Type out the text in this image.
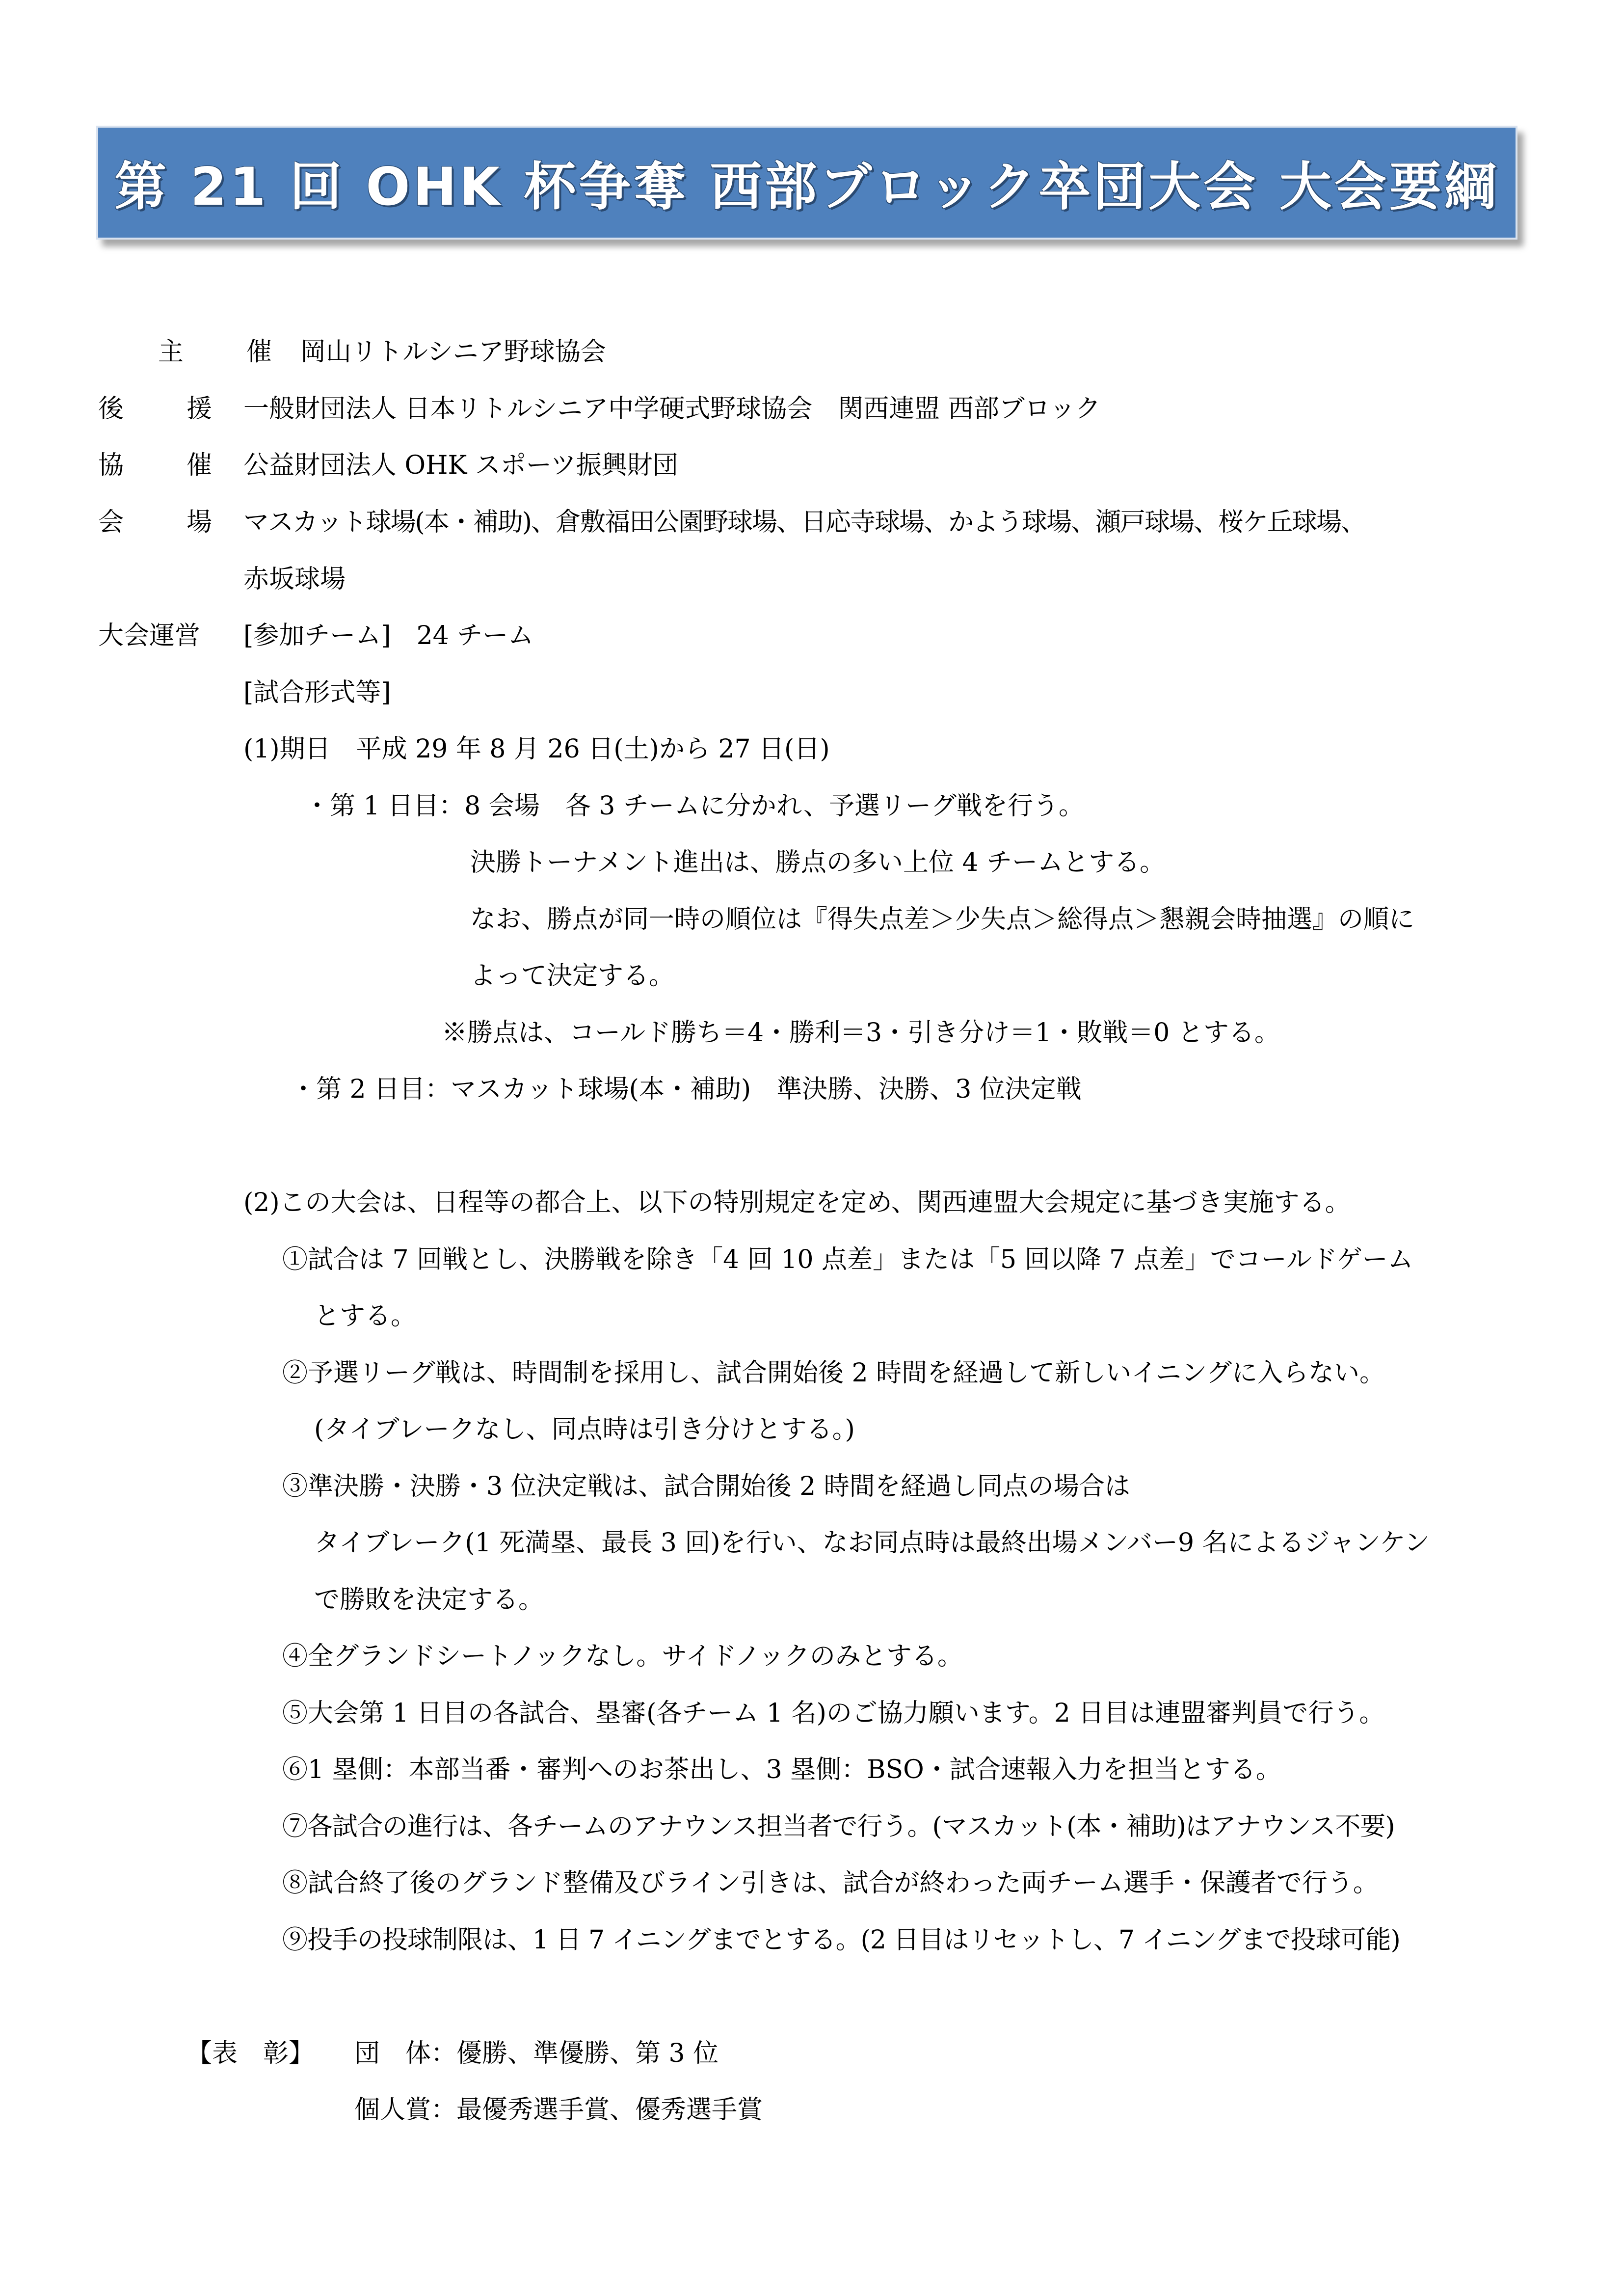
第 21 回 OHK 杯争奪 西部ブロック卒団大会 大会要綱
主 催 岡山リトルシニア野球協会
後 援 一般財団法人 日本リトルシニア中学硬式野球協会　関西連盟 西部ブロック
協 催 公益財団法人 OHK スポーツ振興財団
会 場 マスカット球場(本・補助)、倉敷福田公園野球場、日応寺球場、かよう球場、瀬戸球場、桜ケ丘球場、
赤坂球場
大会運営 [参加チーム]　24 チーム
[試合形式等]
(1)期日　平成 29 年 8 月 26 日(土)から 27 日(日)
・第 1 日目：8 会場　各 3 チームに分かれ、予選リーグ戦を行う。
決勝トーナメント進出は、勝点の多い上位 4 チームとする。
なお、勝点が同一時の順位は『得失点差＞少失点＞総得点＞懇親会時抽選』の順に
よって決定する。
※勝点は、コールド勝ち＝4・勝利＝3・引き分け＝1・敗戦＝0 とする。
・第 2 日目：マスカット球場(本・補助)　準決勝、決勝、3 位決定戦
(2)この大会は、日程等の都合上、以下の特別規定を定め、関西連盟大会規定に基づき実施する。
①試合は 7 回戦とし、決勝戦を除き「4 回 10 点差」または「5 回以降 7 点差」でコールドゲーム
とする。
②予選リーグ戦は、時間制を採用し、試合開始後 2 時間を経過して新しいイニングに入らない。
(タイブレークなし、同点時は引き分けとする。)
③準決勝・決勝・3 位決定戦は、試合開始後 2 時間を経過し同点の場合は
タイブレーク(1 死満塁、最長 3 回)を行い、なお同点時は最終出場メンバー9 名によるジャンケン
で勝敗を決定する。
④全グランドシートノックなし。サイドノックのみとする。
⑤大会第 1 日目の各試合、塁審(各チーム 1 名)のご協力願います。2 日目は連盟審判員で行う。
⑥1 塁側：本部当番・審判へのお茶出し、3 塁側：BSO・試合速報入力を担当とする。
⑦各試合の進行は、各チームのアナウンス担当者で行う。(マスカット(本・補助)はアナウンス不要)
⑧試合終了後のグランド整備及びライン引きは、試合が終わった両チーム選手・保護者で行う。
⑨投手の投球制限は、1 日 7 イニングまでとする。(2 日目はリセットし、7 イニングまで投球可能)
【表　彰】 団　体：優勝、準優勝、第 3 位
個人賞：最優秀選手賞、優秀選手賞
